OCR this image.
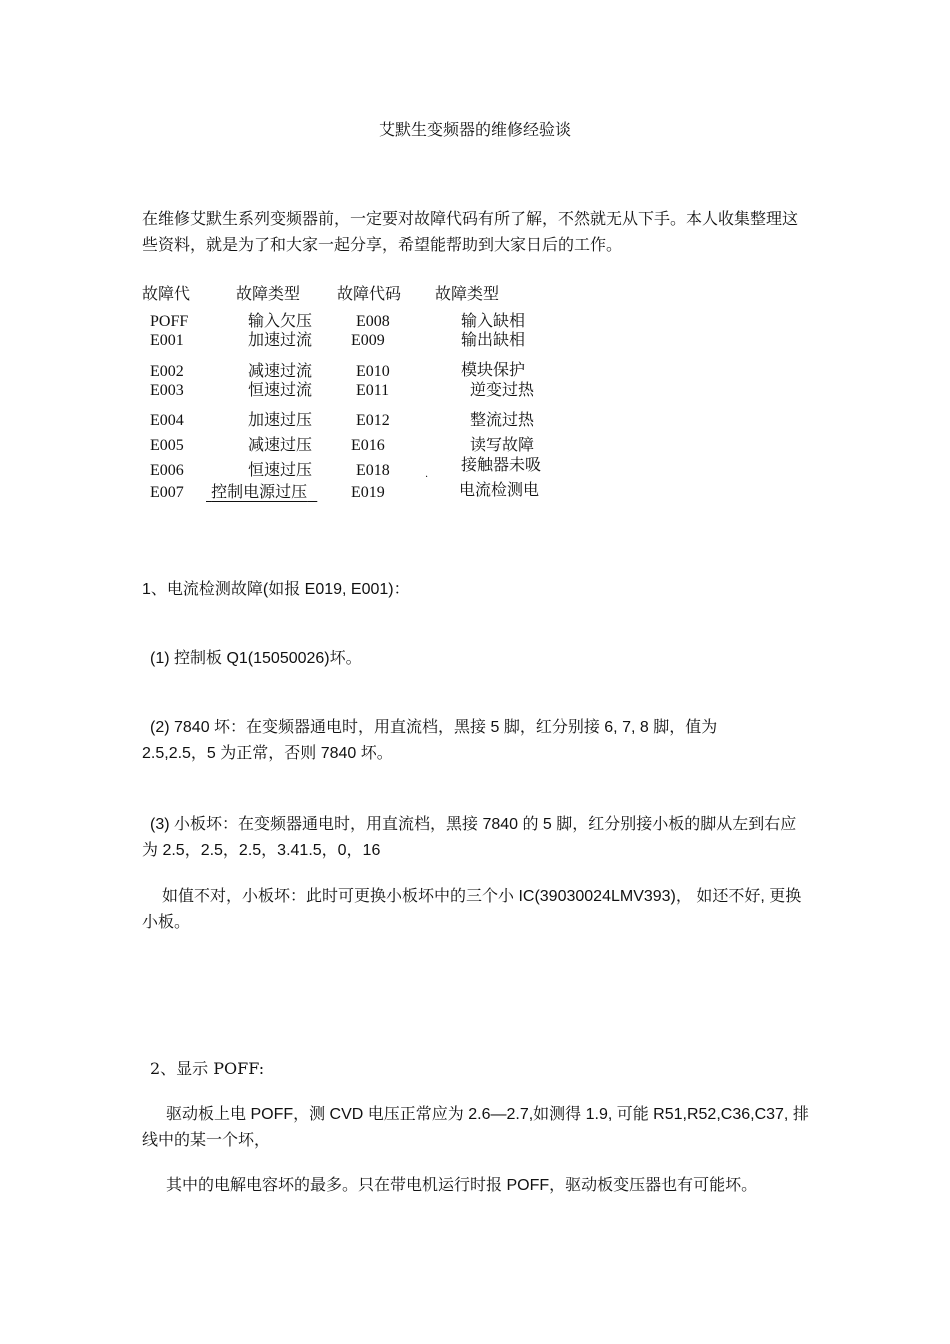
艾默生变频器的维修经验谈
在维修艾默生系列变频器前，一定要对故障代码有所了解，不然就无从下手。本人收集整理这些资料，就是为了和大家一起分享，希望能帮助到大家日后的工作。
故障代	故障类型 故障代码 故障类型
POFF	输入欠压	E008	输入缺相
E001	加速过流 E009	输出缺相
E002	减速过流	E010	模块保护
E003	恒速过流	E011	逆变过热
E004	加速过压	E012	整流过热
E005	减速过压 E016	读写故障
E006	恒速过压	E018	接触器未吸
E007	控制电源过压	E019	电流检测电
·
1、电流检测故障(如报 E019, E001)：
(1) 控制板 Q1(15050026)坏。
(2) 7840 坏：在变频器通电时，用直流档，黑接 5 脚，红分别接 6, 7, 8 脚，值为 2.5,2.5，5 为正常，否则 7840 坏。
(3) 小板坏：在变频器通电时，用直流档，黑接 7840 的 5 脚，红分别接小板的脚从左到右应为 2.5，2.5，2.5，3.41.5，0，16
如值不对，小板坏：此时可更换小板坏中的三个小 IC(39030024LMV393)， 如还不好, 更换小板。
2、显示 POFF:
驱动板上电 POFF，测 CVD 电压正常应为 2.6—2.7,如测得 1.9, 可能 R51,R52,C36,C37, 排线中的某一个坏，
其中的电解电容坏的最多。只在带电机运行时报 POFF，驱动板变压器也有可能坏。
